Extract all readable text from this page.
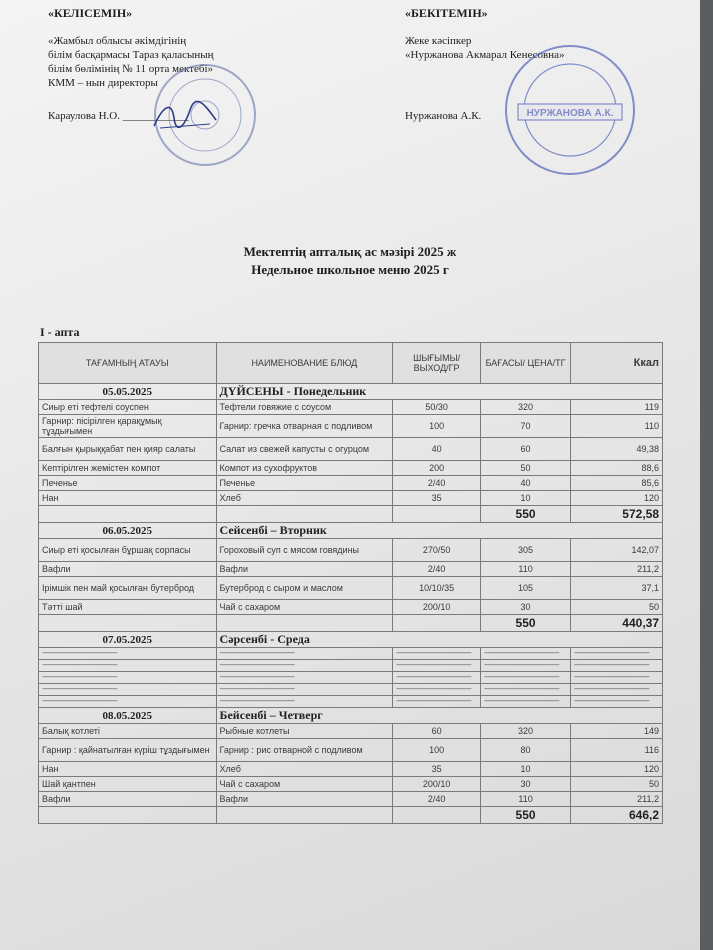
«КЕЛІСЕМІН»
«Жамбыл облысы әкімдігінің
білім басқармасы Тараз қаласының
білім бөлімінің № 11 орта мектебі»
КММ – нын директоры
Караулова Н.О. ____________
«БЕКІТЕМІН»
Жеке кәсіпкер
«Нуржанова Акмарал Кенесовна»
Нуржанова А.К.	НУРЖАНОВА А.К.
Мектептің апталық ас мәзірі 2025 ж
Недельное школьное меню 2025 г
I - апта
ТАҒАМНЫҢ АТАУЫ	НАИМЕНОВАНИЕ БЛЮД	ШЫҒЫМЫ/ ВЫХОД/ГР	БАҒАСЫ/ ЦЕНА/ТГ	Ккал
05.05.2025	ДҮЙСЕНЫ - Понедельник			
Сиыр еті тефтелі соуспен	Тефтели говяжие с соусом	50/30	320	119
Гарнир: пісірілген қарақұмық тұздығымен	Гарнир: гречка отварная с подливом	100	70	110
Балғын қырыққабат пен қияр салаты	Салат из свежей капусты с огурцом	40	60	49,38
Кептірілген жемістен компот	Компот из сухофруктов	200	50	88,6
Печенье	Печенье	2/40	40	85,6
Нан	Хлеб	35	10	120
			550	572,58
06.05.2025	Сейсенбі – Вторник			
Сиыр еті қосылған бұршақ сорпасы	Гороховый суп с мясом говядины	270/50	305	142,07
Вафли	Вафли	2/40	110	211,2
Ірімшік пен май қосылған бутерброд	Бутерброд с сыром и маслом	10/10/35	105	37,1
Тәтті шай	Чай с сахаром	200/10	30	50
			550	440,37
07.05.2025	Сәрсенбі - Среда			
--------------------------------------------------------	--------------------------------------------------------	--------------------------------------------------------	--------------------------------------------------------	--------------------------------------------------------
--------------------------------------------------------	--------------------------------------------------------	--------------------------------------------------------	--------------------------------------------------------	--------------------------------------------------------
--------------------------------------------------------	--------------------------------------------------------	--------------------------------------------------------	--------------------------------------------------------	--------------------------------------------------------
--------------------------------------------------------	--------------------------------------------------------	--------------------------------------------------------	--------------------------------------------------------	--------------------------------------------------------
--------------------------------------------------------	--------------------------------------------------------	--------------------------------------------------------	--------------------------------------------------------	--------------------------------------------------------
08.05.2025	Бейсенбі – Четверг			
Балық котлеті	Рыбные котлеты	60	320	149
Гарнир : қайнатылған күріш тұздығымен	Гарнир : рис отварной с подливом	100	80	116
Нан	Хлеб	35	10	120
Шай қантпен	Чай с сахаром	200/10	30	50
Вафли	Вафли	2/40	110	211,2
			550	646,2
